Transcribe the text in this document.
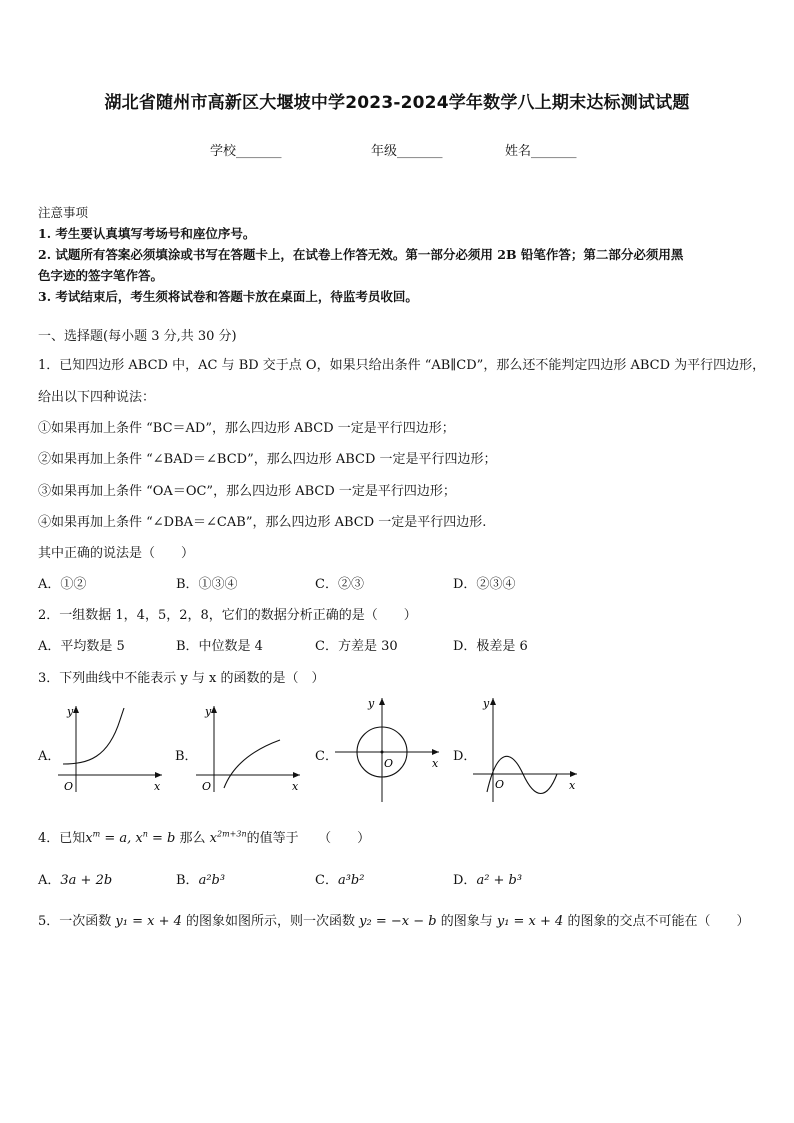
湖北省随州市高新区大堰坡中学2023-2024学年数学八上期末达标测试试题
学校_______	年级_______	姓名_______
注意事项
1. 考生要认真填写考场号和座位序号。
2. 试题所有答案必须填涂或书写在答题卡上，在试卷上作答无效。第一部分必须用 2B 铅笔作答；第二部分必须用黑
色字迹的签字笔作答。
3. 考试结束后，考生须将试卷和答题卡放在桌面上，待监考员收回。
一、选择题(每小题 3 分,共 30 分)
1．已知四边形 ABCD 中，AC 与 BD 交于点 O，如果只给出条件 “AB∥CD”，那么还不能判定四边形 ABCD 为平行四边形，
给出以下四种说法：
①如果再加上条件 “BC＝AD”，那么四边形 ABCD 一定是平行四边形；
②如果再加上条件 “∠BAD＝∠BCD”，那么四边形 ABCD 一定是平行四边形；
③如果再加上条件 “OA＝OC”，那么四边形 ABCD 一定是平行四边形；
④如果再加上条件 “∠DBA＝∠CAB”，那么四边形 ABCD 一定是平行四边形.
其中正确的说法是（　　）
A．①②	B．①③④	C．②③	D．②③④
2．一组数据 1，4，5，2，8，它们的数据分析正确的是（　　）
A．平均数是 5	B．中位数是 4	C．方差是 30	D．极差是 6
3．下列曲线中不能表示 y 与 x 的函数的是（　）
A．
y
x
O
B．
y
x
O
C．
y
x
O	D．
y
x
O
4．已知$x^m = a$, $x^n = b$ 那么 $x^{2m+3n}$的值等于　　（　　）
A．3a + 2b	B．a²b³	C．a³b²	D．a² + b³
5．一次函数 y₁ = x + 4 的图象如图所示，则一次函数 y₂ = −x − b 的图象与 y₁ = x + 4 的图象的交点不可能在（　　）
